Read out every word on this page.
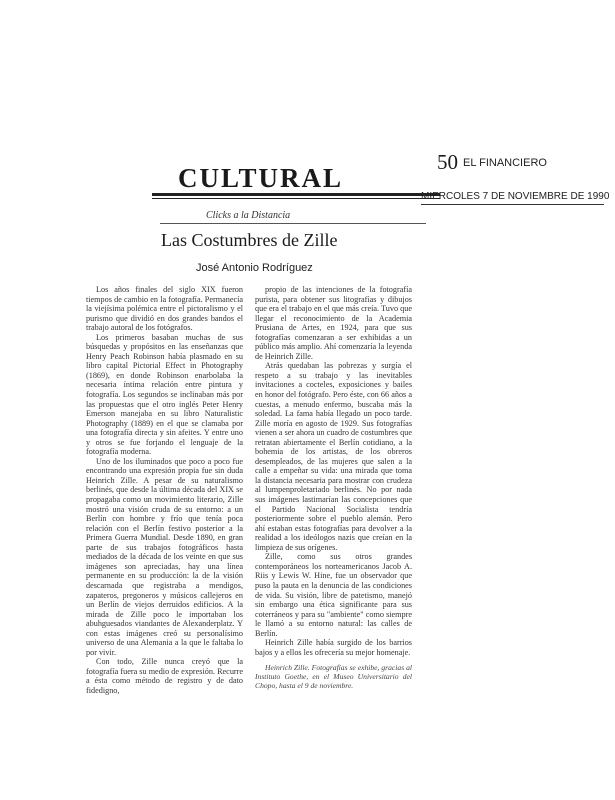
CULTURAL
50 EL FINANCIERO
MIERCOLES 7 DE NOVIEMBRE DE 1990
Clicks a la Distancia
Las Costumbres de Zille
José Antonio Rodríguez

Los años finales del siglo XIX fueron tiempos de cambio en la fotografía. Permanecía la viejísima polémica entre el pictoralismo y el purismo que dividió en dos grandes bandos el trabajo autoral de los fotógrafos.

Los primeros basaban muchas de sus búsquedas y propósitos en las enseñanzas que Henry Peach Robinson había plasmado en su libro capital Pictorial Effect in Photography (1869), en donde Robinson enarbolaba la necesaria íntima relación entre pintura y fotografía. Los segundos se inclinaban más por las propuestas que el otro inglés Peter Henry Emerson manejaba en su libro Naturalistic Photography (1889) en el que se clamaba por una fotografía directa y sin afeites. Y entre uno y otros se fue forjando el lenguaje de la fotografía moderna.

Uno de los iluminados que poco a poco fue encontrando una expresión propia fue sin duda Heinrich Zille. A pesar de su naturalismo berlinés, que desde la última década del XIX se propagaba como un movimiento literario, Zille mostró una visión cruda de su entorno: a un Berlín con hombre y frío que tenía poca relación con el Berlín festivo posterior a la Primera Guerra Mundial. Desde 1890, en gran parte de sus trabajos fotográficos hasta mediados de la década de los veinte en que sus imágenes son apreciadas, hay una línea permanente en su producción: la de la visión descarnada que registraba a mendigos, zapateros, pregoneros y músicos callejeros en un Berlín de viejos derruidos edificios. A la mirada de Zille poco le importaban los abuhguesados viandantes de Alexanderplatz. Y con estas imágenes creó su personalísimo universo de una Alemania a la que le faltaba lo por vivir.

Con todo, Zille nunca creyó que la fotografía fuera su medio de expresión. Recurre a ésta como método de registro y de dato fidedigno,

propio de las intenciones de la fotografía purista, para obtener sus litografías y dibujos que era el trabajo en el que más creía. Tuvo que llegar el reconocimiento de la Academia Prusiana de Artes, en 1924, para que sus fotografías comenzaran a ser exhibidas a un público más amplio. Ahí comenzaría la leyenda de Heinrich Zille.

Atrás quedaban las pobrezas y surgía el respeto a su trabajo y las inevitables invitaciones a cocteles, exposiciones y bailes en honor del fotógrafo. Pero éste, con 66 años a cuestas, a menudo enfermo, buscaba más la soledad. La fama había llegado un poco tarde. Zille moría en agosto de 1929. Sus fotografías vienen a ser ahora un cuadro de costumbres que retratan abiertamente el Berlín cotidiano, a la bohemia de los artistas, de los obreros desempleados, de las mujeres que salen a la calle a empeñar su vida: una mirada que toma la distancia necesaria para mostrar con crudeza al lumpenproletariado berlinés. No por nada sus imágenes lastimarían las concepciones que el Partido Nacional Socialista tendría posteriormente sobre el pueblo alemán. Pero ahí estaban estas fotografías para devolver a la realidad a los ideólogos nazis que creían en la limpieza de sus orígenes.

Zille, como sus otros grandes contemporáneos los norteamericanos Jacob A. Riis y Lewis W. Hine, fue un observador que puso la pauta en la denuncia de las condiciones de vida. Su visión, libre de patetismo, manejó sin embargo una ética significante para sus coterráneos y para su "ambiente" como siempre le llamó a su entorno natural: las calles de Berlín.

Heinrich Zille había surgido de los barrios bajos y a ellos les ofrecería su mejor homenaje.

Heinrich Zille. Fotografías se exhibe, gracias al Instituto Goethe, en el Museo Universitario del Chopo, hasta el 9 de noviembre.
